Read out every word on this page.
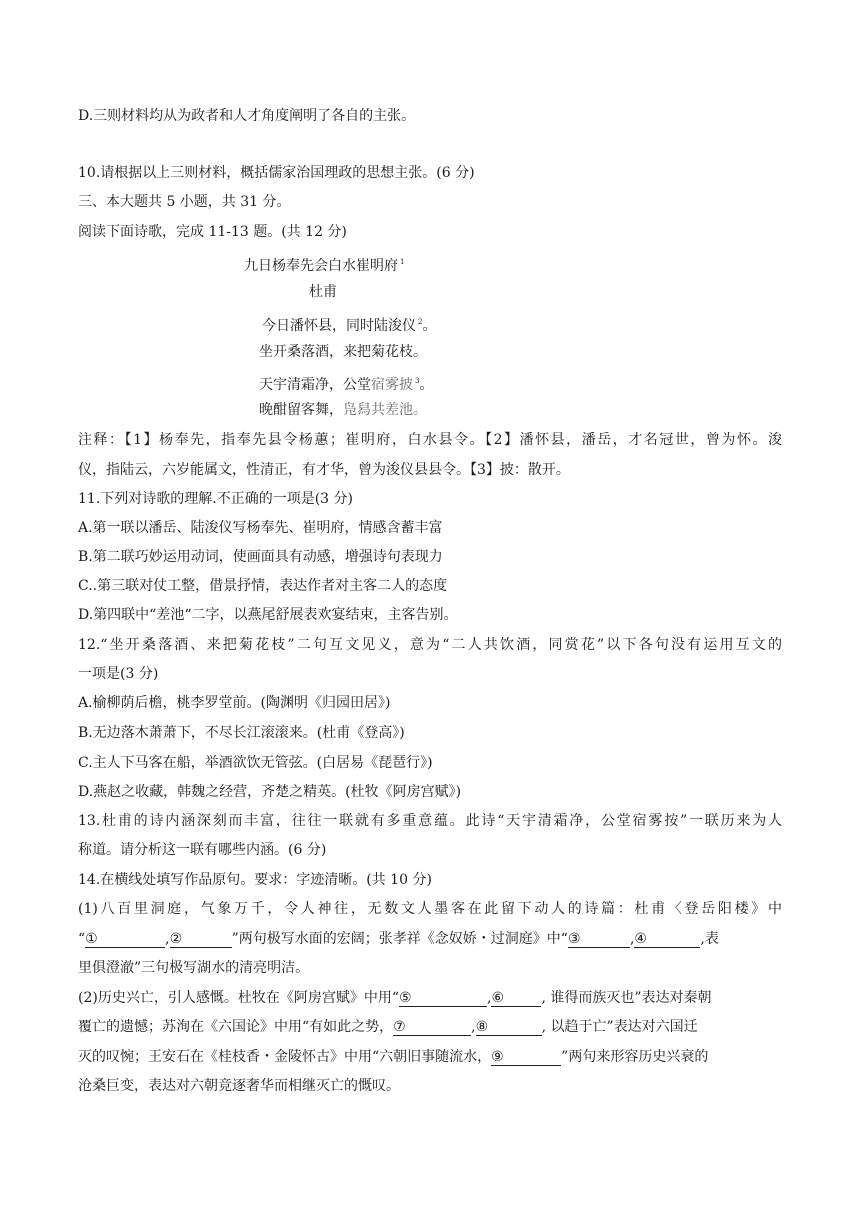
D.三则材料均从为政者和人才角度阐明了各自的主张。
10.请根据以上三则材料，概括儒家治国理政的思想主张。(6 分)
三、本大题共 5 小题，共 31 分。
阅读下面诗歌，完成 11-13 题。(共 12 分)
九日杨奉先会白水崔明府 $^1$
杜甫
今日潘怀县，同时陆浚仪 $^2$。
坐开桑落酒，来把菊花枝。
天宇清霜净，公堂宿雾披 $^3$。
晚酣留客舞，凫舄共差池。
注释：【1】杨奉先，指奉先县令杨蕙；崔明府，白水县令。【2】潘怀县，潘岳，才名冠世，曾为怀。浚
仪，指陆云，六岁能属文，性清正，有才华，曾为浚仪县县令。【3】披：散开。
11.下列对诗歌的理解.不正确的一项是(3 分)
A.第一联以潘岳、陆浚仪写杨奉先、崔明府，情感含蓄丰富
B.第二联巧妙运用动词，使画面具有动感，增强诗句表现力
C..第三联对仗工整，借景抒情，表达作者对主客二人的态度
D.第四联中“差池“二字，以燕尾舒展表欢宴结束，主客告别。
12.“坐开桑落酒、来把菊花枝”二句互文见义，意为“二人共饮酒，同赏花”以下各句没有运用互文的
一项是(3 分)
A.榆柳荫后檐，桃李罗堂前。(陶渊明《归园田居》)
B.无边落木萧萧下，不尽长江滚滚来。(杜甫《登高》)
C.主人下马客在船，举酒欲饮无管弦。(白居易《琵琶行》)
D.燕赵之收藏，韩魏之经营，齐楚之精英。(杜牧《阿房宫赋》)
13.杜甫的诗内涵深刻而丰富，往往一联就有多重意蕴。此诗“天宇清霜净，公堂宿雾按”一联历来为人
称道。请分析这一联有哪些内涵。(6 分)
14.在横线处填写作品原句。要求：字迹清晰。(共 10 分)
(1)八百里洞庭，气象万千，令人神往，无数文人墨客在此留下动人的诗篇：杜甫〈登岳阳楼》中
“①	,②	”两句极写水面的宏阔；张孝祥《念奴娇・过洞庭》中“③	,④	,表
里俱澄澈”三句极写湖水的清亮明洁。
(2)历史兴亡，引人感慨。杜牧在《阿房宫赋》中用“⑤	,⑥	, 谁得而族灭也”表达对秦朝
覆亡的遗憾；苏洵在《六国论》中用“有如此之势，⑦	,⑧	, 以趋于亡”表达对六国迁
灭的叹惋；王安石在《桂枝香・金陵怀古》中用“六朝旧事随流水，⑨	”两句来形容历史兴衰的
沧桑巨变，表达对六朝竞逐奢华而相继灭亡的慨叹。
